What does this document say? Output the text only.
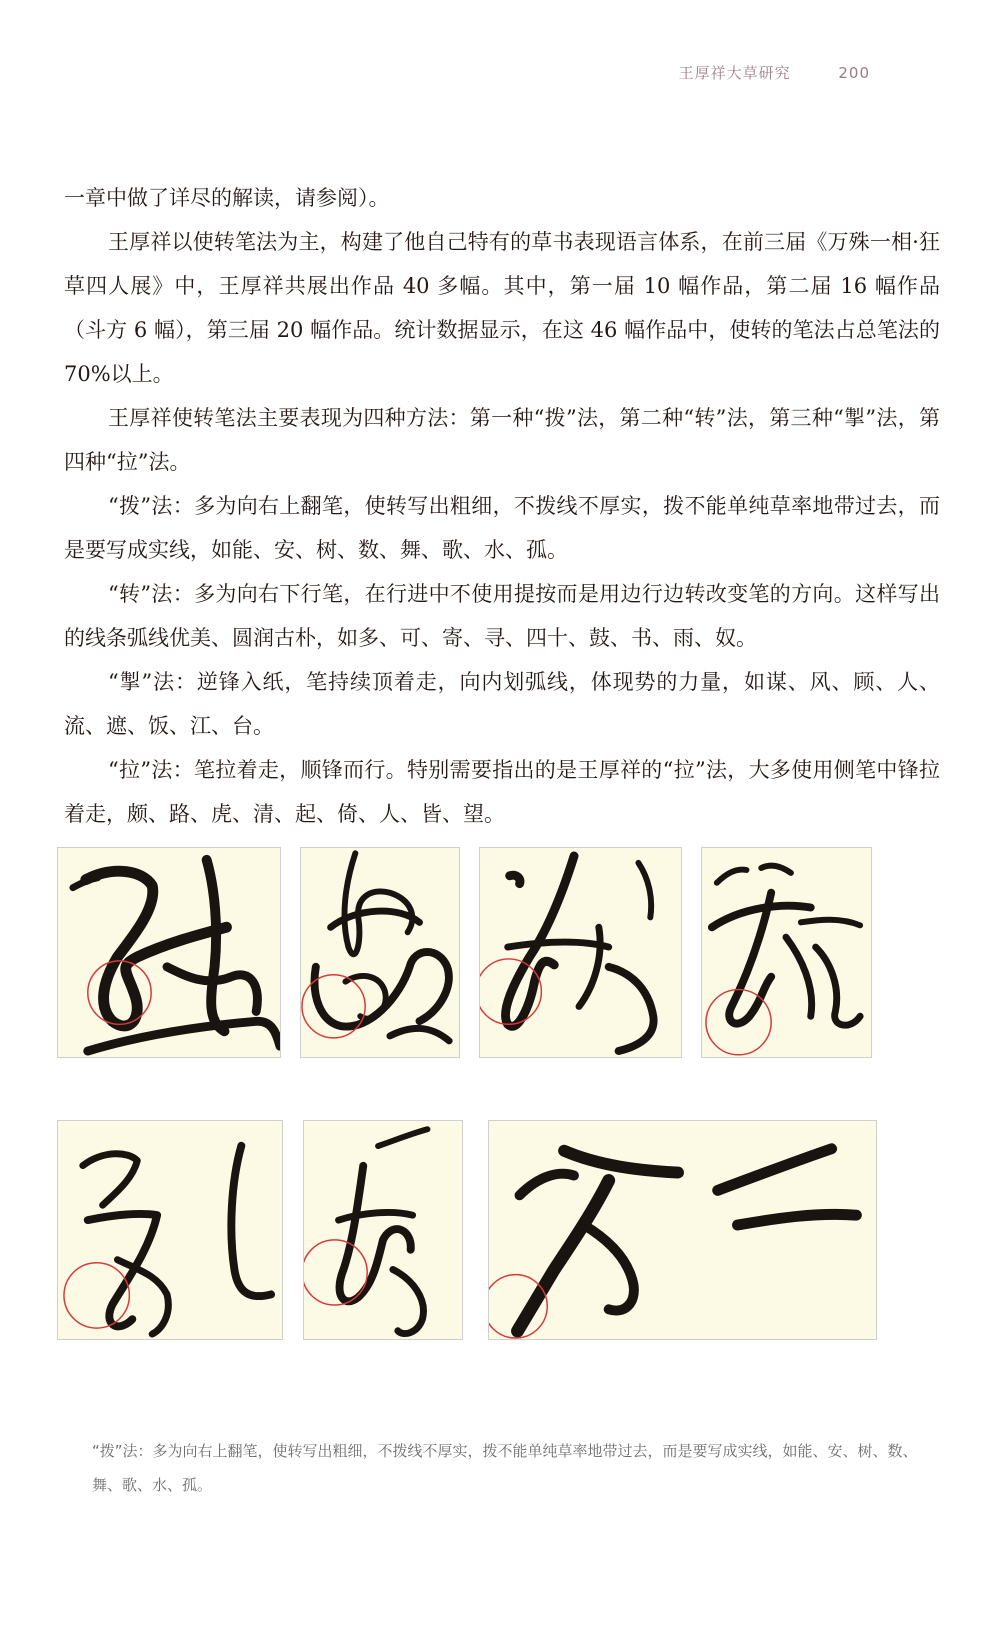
王厚祥大草研究	200

一章中做了详尽的解读，请参阅）。

王厚祥以使转笔法为主，构建了他自己特有的草书表现语言体系，在前三届《万殊一相·狂草四人展》中，王厚祥共展出作品 40 多幅。其中，第一届 10 幅作品，第二届 16 幅作品（斗方 6 幅），第三届 20 幅作品。统计数据显示，在这 46 幅作品中，使转的笔法占总笔法的 70%以上。

王厚祥使转笔法主要表现为四种方法：第一种“拨”法，第二种“转”法，第三种“掣”法，第四种“拉”法。

“拨”法：多为向右上翻笔，使转写出粗细，不拨线不厚实，拨不能单纯草率地带过去，而是要写成实线，如能、安、树、数、舞、歌、水、孤。

“转”法：多为向右下行笔，在行进中不使用提按而是用边行边转改变笔的方向。这样写出的线条弧线优美、圆润古朴，如多、可、寄、寻、四十、鼓、书、雨、奴。

“掣”法：逆锋入纸，笔持续顶着走，向内划弧线，体现势的力量，如谋、风、顾、人、流、遮、饭、江、台。

“拉”法：笔拉着走，顺锋而行。特别需要指出的是王厚祥的“拉”法，大多使用侧笔中锋拉着走，颇、路、虎、清、起、倚、人、皆、望。

“拨”法：多为向右上翻笔，使转写出粗细，不拨线不厚实，拨不能单纯草率地带过去，而是要写成实线，如能、安、树、数、舞、歌、水、孤。
